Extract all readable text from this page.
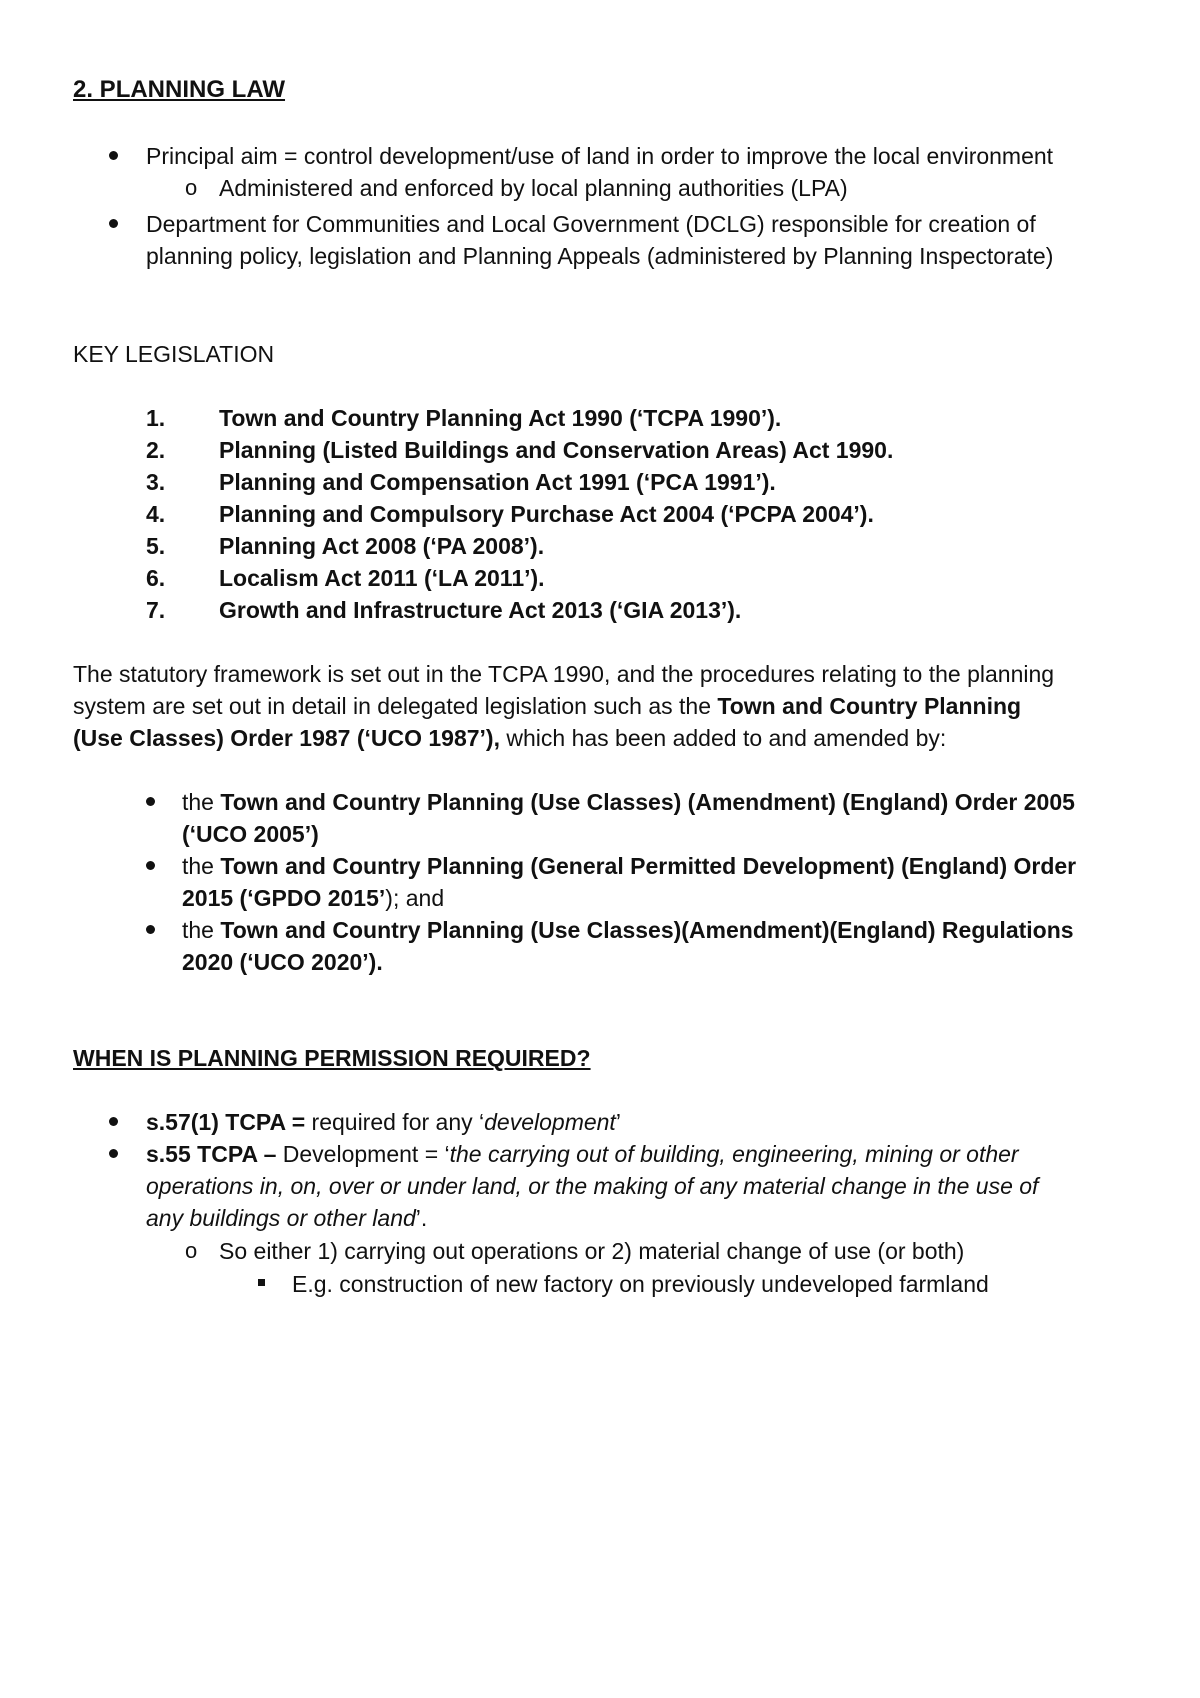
2. PLANNING LAW
Principal aim = control development/use of land in order to improve the local environment
o Administered and enforced by local planning authorities (LPA)
Department for Communities and Local Government (DCLG) responsible for creation of
planning policy, legislation and Planning Appeals (administered by Planning Inspectorate)
KEY LEGISLATION
1. Town and Country Planning Act 1990 (‘TCPA 1990’).
2. Planning (Listed Buildings and Conservation Areas) Act 1990.
3. Planning and Compensation Act 1991 (‘PCA 1991’).
4. Planning and Compulsory Purchase Act 2004 (‘PCPA 2004’).
5. Planning Act 2008 (‘PA 2008’).
6. Localism Act 2011 (‘LA 2011’).
7. Growth and Infrastructure Act 2013 (‘GIA 2013’).
The statutory framework is set out in the TCPA 1990, and the procedures relating to the planning
system are set out in detail in delegated legislation such as the Town and Country Planning
(Use Classes) Order 1987 (‘UCO 1987’), which has been added to and amended by:
the Town and Country Planning (Use Classes) (Amendment) (England) Order 2005
(‘UCO 2005’)
the Town and Country Planning (General Permitted Development) (England) Order
2015 (‘GPDO 2015’); and
the Town and Country Planning (Use Classes)(Amendment)(England) Regulations
2020 (‘UCO 2020’).
WHEN IS PLANNING PERMISSION REQUIRED?
s.57(1) TCPA = required for any ‘development’
s.55 TCPA – Development = ‘the carrying out of building, engineering, mining or other
operations in, on, over or under land, or the making of any material change in the use of
any buildings or other land’.
o So either 1) carrying out operations or 2) material change of use (or both)
E.g. construction of new factory on previously undeveloped farmland
